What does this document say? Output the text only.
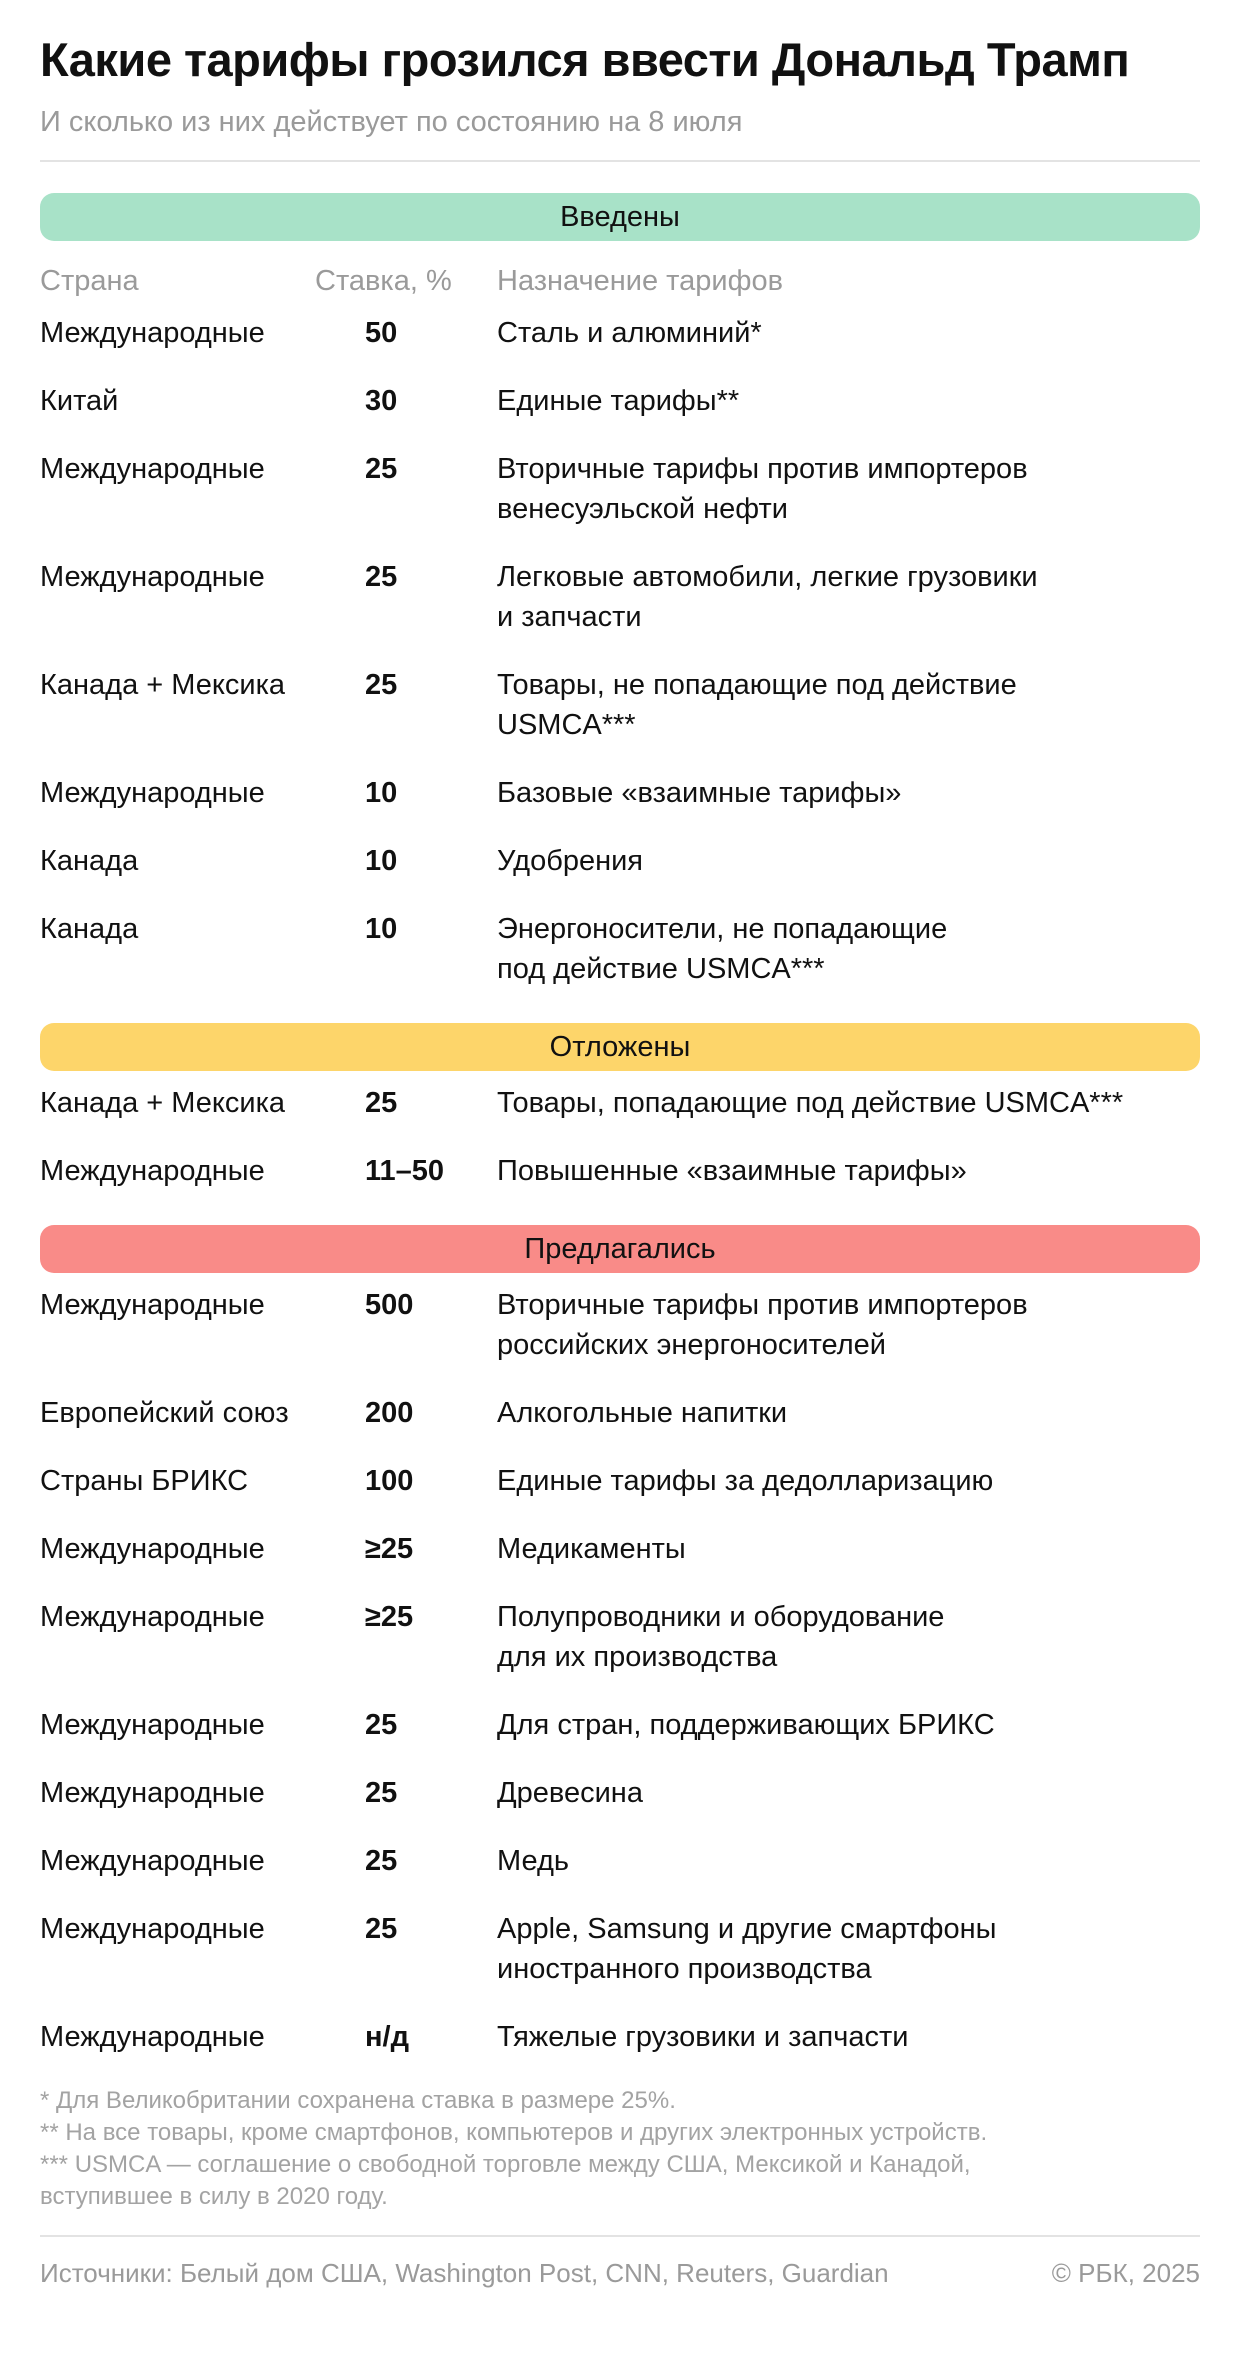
Какие тарифы грозился ввести Дональд Трамп
И сколько из них действует по состоянию на 8 июля
Введены
Страна	Ставка, %	Назначение тарифов
Международные	50	Сталь и алюминий*
Китай	30	Единые тарифы**
Международные	25	Вторичные тарифы против импортеров
венесуэльской нефти
Международные	25	Легковые автомобили, легкие грузовики
и запчасти
Канада + Мексика	25	Товары, не попадающие под действие
USMCA***
Международные	10	Базовые «взаимные тарифы»
Канада	10	Удобрения
Канада	10	Энергоносители, не попадающие
под действие USMCA***
Отложены
Канада + Мексика	25	Товары, попадающие под действие USMCA***
Международные	11–50	Повышенные «взаимные тарифы»
Предлагались
Международные	500	Вторичные тарифы против импортеров
российских энергоносителей
Европейский союз	200	Алкогольные напитки
Страны БРИКС	100	Единые тарифы за дедолларизацию
Международные	≥25	Медикаменты
Международные	≥25	Полупроводники и оборудование
для их производства
Международные	25	Для стран, поддерживающих БРИКС
Международные	25	Древесина
Международные	25	Медь
Международные	25	Apple, Samsung и другие смартфоны
иностранного производства
Международные	н/д	Тяжелые грузовики и запчасти
* Для Великобритании сохранена ставка в размере 25%.
** На все товары, кроме смартфонов, компьютеров и других электронных устройств.
*** USMCA — соглашение о свободной торговле между США, Мексикой и Канадой,
вступившее в силу в 2020 году.
Источники: Белый дом США, Washington Post, CNN, Reuters, Guardian	© РБК, 2025
